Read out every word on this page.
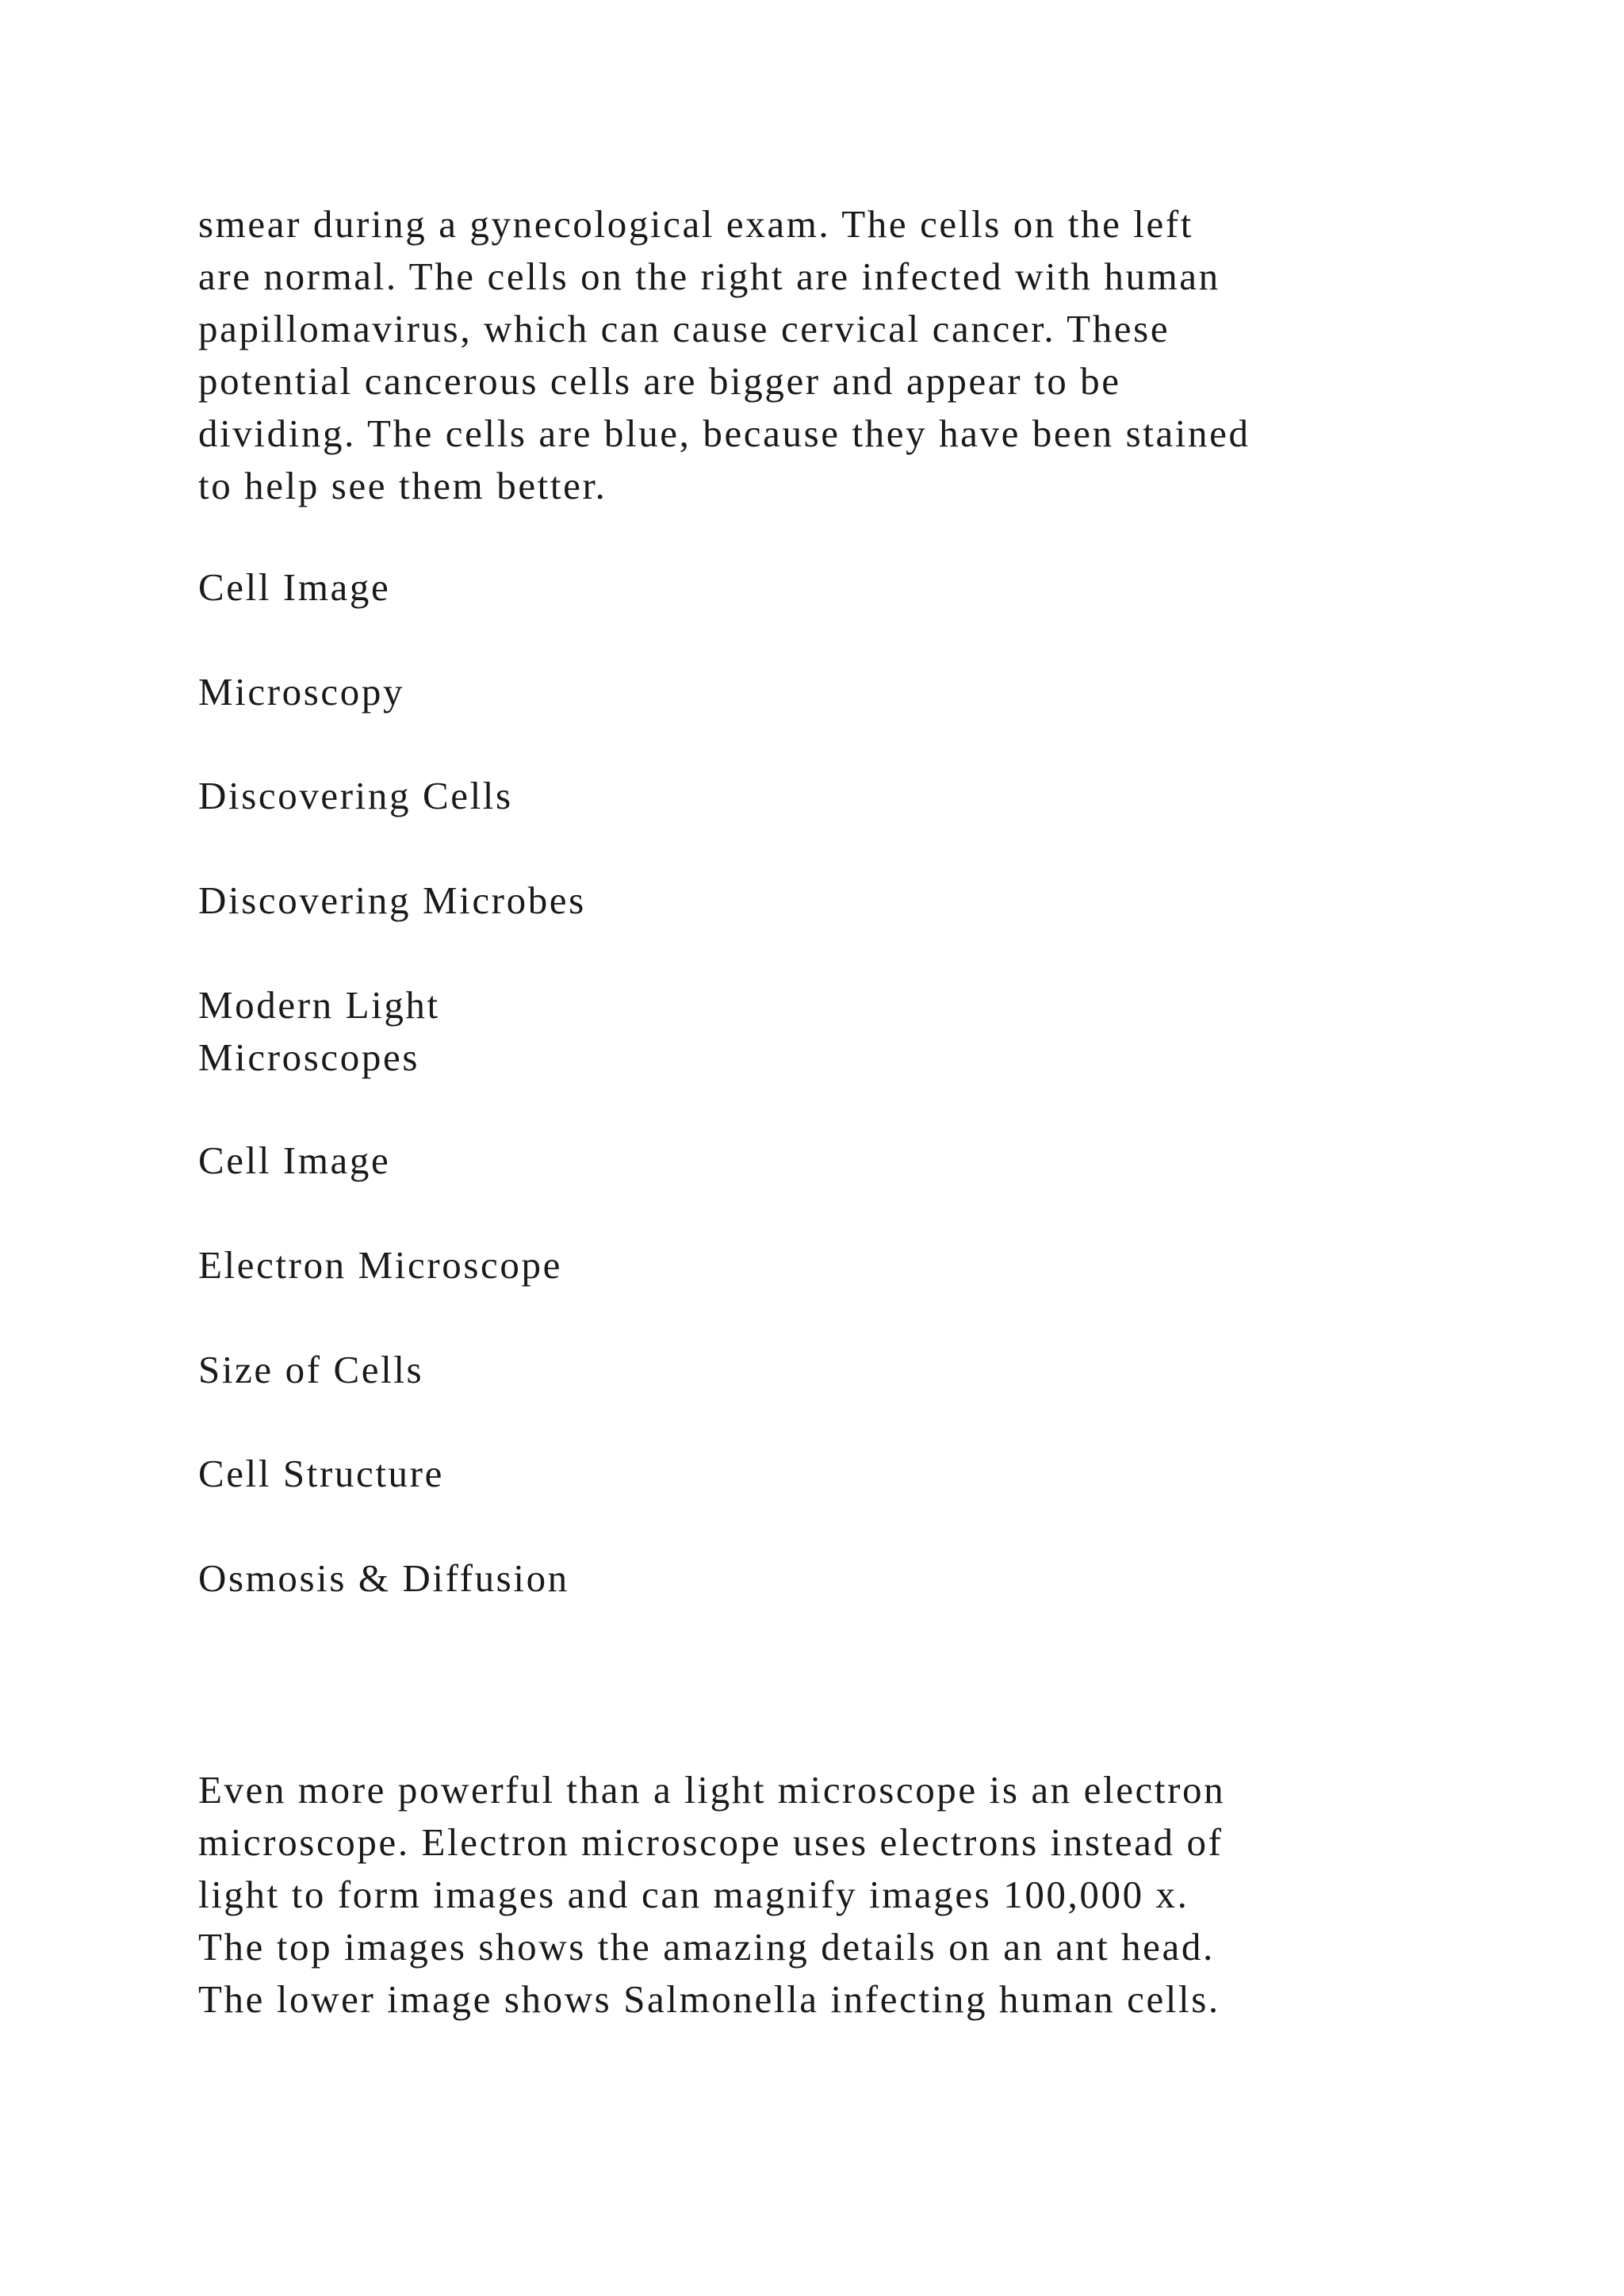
smear during a gynecological exam. The cells on the left
are normal. The cells on the right are infected with human
papillomavirus, which can cause cervical cancer. These
potential cancerous cells are bigger and appear to be
dividing. The cells are blue, because they have been stained
to help see them better.

Cell Image

Microscopy

Discovering Cells

Discovering Microbes

Modern Light
Microscopes

Cell Image

Electron Microscope

Size of Cells

Cell Structure

Osmosis & Diffusion

Even more powerful than a light microscope is an electron
microscope. Electron microscope uses electrons instead of
light to form images and can magnify images 100,000 x.
The top images shows the amazing details on an ant head.
The lower image shows Salmonella infecting human cells.
